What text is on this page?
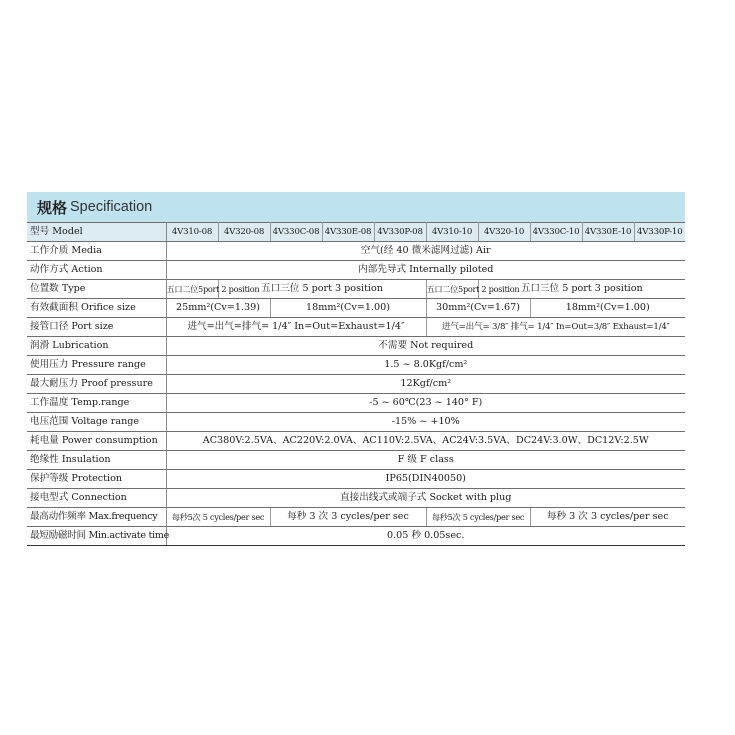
规格 Specification
型号 Model	4V310-08	4V320-08	4V330C-08	4V330E-08	4V330P-08	4V310-10	4V320-10	4V330C-10	4V330E-10	4V330P-10
工作介质 Media	空气(经 40 微米滤网过滤) Air									
动作方式 Action	内部先导式 Internally piloted									
位置数 Type	五口二位5port 2 position	五口三位 5 port 3 position				五口二位5port 2 position	五口三位 5 port 3 position			
有效截面积 Orifice size	25mm²(Cv=1.39)		18mm²(Cv=1.00)			30mm²(Cv=1.67)		18mm²(Cv=1.00)		
接管口径 Port size	进气=出气=排气= 1/4″ In=Out=Exhaust=1/4″					进气=出气= 3/8″ 排气= 1/4″ In=Out=3/8″ Exhaust=1/4″				
润滑 Lubrication	不需要 Not required									
使用压力 Pressure range	1.5 ~ 8.0Kgf/cm²									
最大耐压力 Proof pressure	12Kgf/cm²									
工作温度 Temp.range	-5 ~ 60℃(23 ~ 140° F)									
电压范围 Voltage range	-15% ~ +10%									
耗电量 Power consumption	AC380V:2.5VA、AC220V:2.0VA、AC110V:2.5VA、AC24V:3.5VA、DC24V:3.0W、DC12V:2.5W									
绝缘性 Insulation	F 级 F class									
保护等级 Protection	IP65(DIN40050)									
接电型式 Connection	直接出线式或端子式 Socket with plug									
最高动作频率 Max.frequency	每秒5次 5 cycles/per sec		每秒 3 次 3 cycles/per sec			每秒5次 5 cycles/per sec		每秒 3 次 3 cycles/per sec		
最短励磁时间 Min.activate time	0.05 秒 0.05sec.									
